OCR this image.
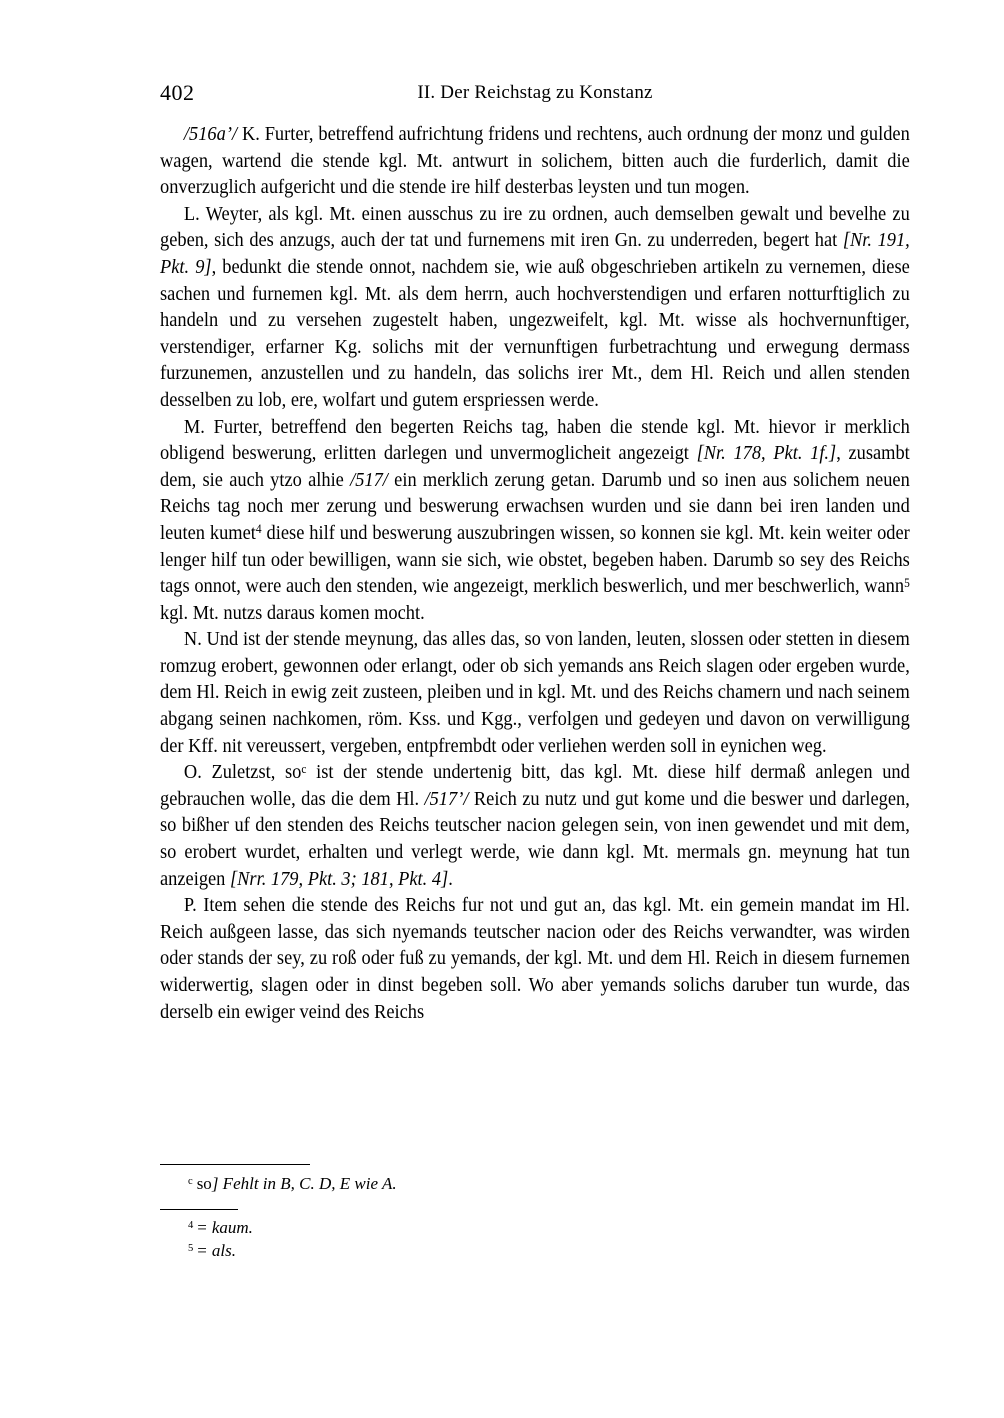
402	II. Der Reichstag zu Konstanz

/516a’/ K. Furter, betreffend aufrichtung fridens und rechtens, auch ordnung der monz und gulden wagen, wartend die stende kgl. Mt. antwurt in solichem, bitten auch die furderlich, damit die onverzuglich aufgericht und die stende ire hilf desterbas leysten und tun mogen.

L. Weyter, als kgl. Mt. einen ausschus zu ire zu ordnen, auch demselben gewalt und bevelhe zu geben, sich des anzugs, auch der tat und furnemens mit iren Gn. zu underreden, begert hat [Nr. 191, Pkt. 9], bedunkt die stende onnot, nachdem sie, wie auß obgeschrieben artikeln zu vernemen, diese sachen und furnemen kgl. Mt. als dem herrn, auch hochverstendigen und erfaren notturftiglich zu handeln und zu versehen zugestelt haben, ungezweifelt, kgl. Mt. wisse als hochvernunftiger, verstendiger, erfarner Kg. solichs mit der vernunftigen furbetrachtung und erwegung dermass furzunemen, anzustellen und zu handeln, das solichs irer Mt., dem Hl. Reich und allen stenden desselben zu lob, ere, wolfart und gutem erspriessen werde.

M. Furter, betreffend den begerten Reichs tag, haben die stende kgl. Mt. hievor ir merklich obligend beswerung, erlitten darlegen und unvermoglicheit angezeigt [Nr. 178, Pkt. 1f.], zusambt dem, sie auch ytzo alhie /517/ ein merklich zerung getan. Darumb und so inen aus solichem neuen Reichs tag noch mer zerung und beswerung erwachsen wurden und sie dann bei iren landen und leuten kumet$^4$ diese hilf und beswerung auszubringen wissen, so konnen sie kgl. Mt. kein weiter oder lenger hilf tun oder bewilligen, wann sie sich, wie obstet, begeben haben. Darumb so sey des Reichs tags onnot, were auch den stenden, wie angezeigt, merklich beswerlich, und mer beschwerlich, wann$^5$ kgl. Mt. nutzs daraus komen mocht.

N. Und ist der stende meynung, das alles das, so von landen, leuten, slossen oder stetten in diesem romzug erobert, gewonnen oder erlangt, oder ob sich yemands ans Reich slagen oder ergeben wurde, dem Hl. Reich in ewig zeit zusteen, pleiben und in kgl. Mt. und des Reichs chamern und nach seinem abgang seinen nachkomen, röm. Kss. und Kgg., verfolgen und gedeyen und davon on verwilligung der Kff. nit vereussert, vergeben, entpfrembdt oder verliehen werden soll in eynichen weg.

O. Zuletzst, $so^c$ ist der stende undertenig bitt, das kgl. Mt. diese hilf dermaß anlegen und gebrauchen wolle, das die dem Hl. /517’/ Reich zu nutz und gut kome und die beswer und darlegen, so bißher uf den stenden des Reichs teutscher nacion gelegen sein, von inen gewendet und mit dem, so erobert wurdet, erhalten und verlegt werde, wie dann kgl. Mt. mermals gn. meynung hat tun anzeigen [Nrr. 179, Pkt. 3; 181, Pkt. 4].

P. Item sehen die stende des Reichs fur not und gut an, das kgl. Mt. ein gemein mandat im Hl. Reich außgeen lasse, das sich nyemands teutscher nacion oder des Reichs verwandter, was wirden oder stands der sey, zu roß oder fuß zu yemands, der kgl. Mt. und dem Hl. Reich in diesem furnemen widerwertig, slagen oder in dinst begeben soll. Wo aber yemands solichs daruber tun wurde, das derselb ein ewiger veind des Reichs

$^c$ so] Fehlt in B, C. D, E wie A.
$^4$ = kaum.
$^5$ = als.
